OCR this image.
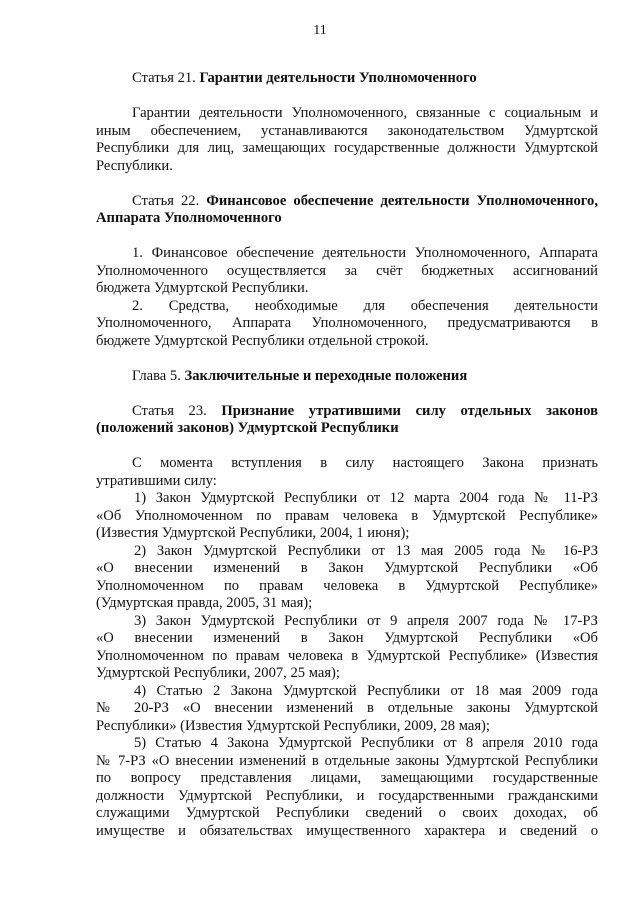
11
Статья 21. Гарантии деятельности Уполномоченного
Гарантии деятельности Уполномоченного, связанные с социальным и
иным обеспечением, устанавливаются законодательством Удмуртской
Республики для лиц, замещающих государственные должности Удмуртской
Республики.
Статья 22. Финансовое обеспечение деятельности Уполномоченного,
Аппарата Уполномоченного
1. Финансовое обеспечение деятельности Уполномоченного, Аппарата
Уполномоченного осуществляется за счёт бюджетных ассигнований
бюджета Удмуртской Республики.
2. Средства, необходимые для обеспечения деятельности
Уполномоченного, Аппарата Уполномоченного, предусматриваются в
бюджете Удмуртской Республики отдельной строкой.
Глава 5. Заключительные и переходные положения
Статья 23. Признание утратившими силу отдельных законов
(положений законов) Удмуртской Республики
С момента вступления в силу настоящего Закона признать
утратившими силу:
1) Закон Удмуртской Республики от 12 марта 2004 года № 11-РЗ
«Об Уполномоченном по правам человека в Удмуртской Республике»
(Известия Удмуртской Республики, 2004, 1 июня);
2) Закон Удмуртской Республики от 13 мая 2005 года № 16-РЗ
«О внесении изменений в Закон Удмуртской Республики «Об
Уполномоченном по правам человека в Удмуртской Республике»
(Удмуртская правда, 2005, 31 мая);
3) Закон Удмуртской Республики от 9 апреля 2007 года № 17-РЗ
«О внесении изменений в Закон Удмуртской Республики «Об
Уполномоченном по правам человека в Удмуртской Республике» (Известия
Удмуртской Республики, 2007, 25 мая);
4) Статью 2 Закона Удмуртской Республики от 18 мая 2009 года
№ 20-РЗ «О внесении изменений в отдельные законы Удмуртской
Республики» (Известия Удмуртской Республики, 2009, 28 мая);
5) Статью 4 Закона Удмуртской Республики от 8 апреля 2010 года
№ 7-РЗ «О внесении изменений в отдельные законы Удмуртской Республики
по вопросу представления лицами, замещающими государственные
должности Удмуртской Республики, и государственными гражданскими
служащими Удмуртской Республики сведений о своих доходах, об
имуществе и обязательствах имущественного характера и сведений о
